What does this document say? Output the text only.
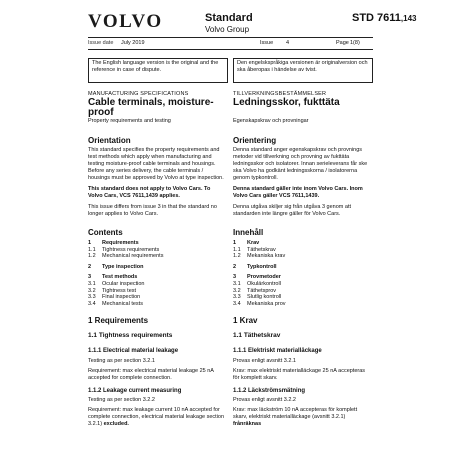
VOLVO	Standard
Volvo Group
STD 7611,143
Issue date July 2019	Issue 4	Page 1(8)
The English language version is the original and the reference in case of dispute.
Den engelskspråkiga versionen är originalversion och ska åberopas i händelse av tvist.
MANUFACTURING SPECIFICATIONS
Cable terminals, moisture-proof
Property requirements and testing
Orientation
This standard specifies the property requirements and test methods which apply when manufacturing and testing moisture-proof cable terminals and housings. Before any series delivery, the cable terminals / housings must be approved by Volvo at type inspection.
This standard does not apply to Volvo Cars. To Volvo Cars, VCS 7611,1439 applies.
This issue differs from issue 3 in that the standard no longer applies to Volvo Cars.
Contents
1	Requirements
1.1	Tightness requirements
1.2	Mechanical requirements
2	Type inspection
3	Test methods
3.1	Ocular inspection
3.2	Tightness test
3.3	Final inspection
3.4	Mechanical tests
1 Requirements
1.1 Tightness requirements
1.1.1 Electrical material leakage
Testing as per section 3.2.1
Requirement: max electrical material leakage 25 nA accepted for complete connection.
1.1.2 Leakage current measuring
Testing as per section 3.2.2
Requirement: max leakage current 10 nA accepted for complete connection, electrical material leakage section 3.2.1) excluded.
TILLVERKNINGSBESTÄMMELSER
Ledningsskor, fukttäta
Egenskapskrav och provningar
Orientering
Denna standard anger egenskapskrav och provnings metoder vid tillverkning och provning av fukttäta ledningsskor och isolatorer. Innan serieleverans får ske ska Volvo ha godkänt ledningsskorna / isolatorerna genom typkontroll.
Denna standard gäller inte inom Volvo Cars. Inom Volvo Cars gäller VCS 7611,1439.
Denna utgåva skiljer sig från utgåva 3 genom att standarden inte längre gäller för Volvo Cars.
Innehåll
1	Krav
1.1	Täthetskrav
1.2	Mekaniska krav
2	Typkontroll
3	Provmetoder
3.1	Okulärkontroll
3.2	Täthetsprov
3.3	Slutlig kontroll
3.4	Mekaniska prov
1 Krav
1.1 Täthetskrav
1.1.1 Elektriskt materialläckage
Provas enligt avsnitt 3.2.1
Krav: max elektriskt materialläckage 25 nA accepteras för komplett skarv.
1.1.2 Läckströmsmätning
Provas enligt avsnitt 3.2.2
Krav: max läckström 10 nA accepteras för komplett skarv, elektriskt materialläckage (avsnitt 3.2.1) frånräknas
